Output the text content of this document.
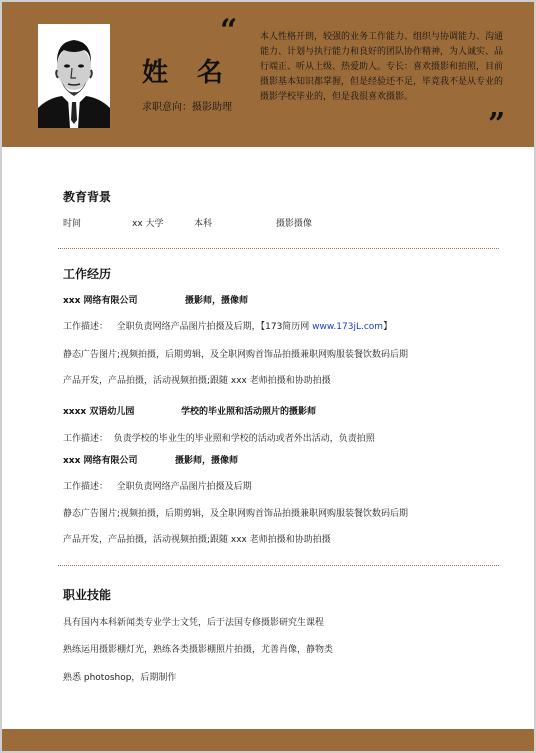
姓 名
求职意向：摄影助理
“	本人性格开朗，较强的业务工作能力、组织与协调能力、沟通能力、计划与执行能力和良好的团队协作精神，为人诚实、品行端正、听从上级、热爱助人。专长：喜欢摄影和拍照，目前摄影基本知识都掌握，但是经验还不足，毕竟我不是从专业的摄影学校毕业的，但是我很喜欢摄影。
”
教育背景
时间	xx 大学	本科	摄影摄像
工作经历
xxx 网络有限公司	摄影师，摄像师
工作描述： 全职负责网络产品图片拍摄及后期，【173简历网 www.173jL.com】
静态广告图片;视频拍摄，后期剪辑，及全职网购首饰品拍摄兼职网购服装餐饮数码后期
产品开发，产品拍摄，活动视频拍摄;跟随 xxx 老师拍摄和协助拍摄
xxxx 双语幼儿园	学校的毕业照和活动照片的摄影师
工作描述： 负责学校的毕业生的毕业照和学校的活动或者外出活动，负责拍照
xxx 网络有限公司	摄影师，摄像师
工作描述： 全职负责网络产品图片拍摄及后期
静态广告图片;视频拍摄，后期剪辑，及全职网购首饰品拍摄兼职网购服装餐饮数码后期
产品开发，产品拍摄，活动视频拍摄;跟随 xxx 老师拍摄和协助拍摄
职业技能
具有国内本科新闻类专业学士文凭，后于法国专修摄影研究生课程
熟练运用摄影棚灯光，熟练各类摄影棚照片拍摄，尤善肖像，静物类
熟悉 photoshop，后期制作
